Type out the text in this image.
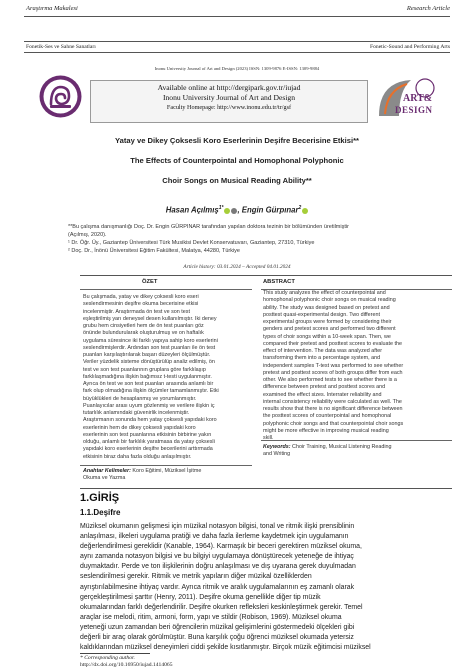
Araştırma Makalesi	Research Article
Fonetik-Ses ve Sahne Sanatları	Fonetic-Sound and Performing Arts
Inonu University Journal of Art and Design (2023) ISSN: 1309-9876 E-ISSN: 1309-9884
Available online at http://dergipark.gov.tr/iujad
Inonu University Journal of Art and Design
Faculty Homepage: http://www.inonu.edu.tr/tr/gsf
ART&
DESIGN
Yatay ve Dikey Çoksesli Koro Eserlerinin Deşifre Becerisine Etkisi**
The Effects of Counterpointal and Homophonal Polyphonic
Choir Songs on Musical Reading Ability**
Hasan Açılmış$^{1*}$ , Engin Gürpınar$^2$
**Bu çalışma danışmanlığı Doç. Dr. Engin GÜRPINAR tarafından yapılan doktora tezinin bir bölümünden üretilmiştir
(Açılmış, 2020).
¹ Dr. Öğr. Üy., Gaziantep Üniversitesi Türk Musikisi Devlet Konservatuvarı, Gaziantep, 27310, Türkiye
² Doç. Dr., İnönü Üniversitesi Eğitim Fakültesi, Malatya, 44280, Türkiye
Article history: 03.01.2024 – Accepted 04.01.2024
ÖZET	ABSTRACT
Bu çalışmada, yatay ve dikey çoksesli koro eseri
seslendirmesinin deşifre okuma becerisine etkisi
incelenmiştir. Araştırmada ön test ve son test
eşleştirilmiş yarı deneysel desen kullanılmıştır. İki deney
grubu hem cinsiyetleri hem de ön test puanları göz
önünde bulundurularak oluşturulmuş ve on haftalık
uygulama süresince iki farklı yapıya sahip koro eserlerini
seslendirmişlerdir. Ardından son test puanları ile ön test
puanları karşılaştırılarak başarı düzeyleri ölçülmüştür.
Veriler yüzdelik sisteme dönüştürülüp analiz edilmiş, ön
test ve son test puanlarının gruplara göre farklılaşıp
farklılaşmadığına ilişkin bağımsız t-testi uygulanmıştır.
Ayrıca ön test ve son test puanları arasında anlamlı bir
fark olup olmadığına ilişkin ölçümler tamamlanmıştır. Etki
büyüklükleri de hesaplanmış ve yorumlanmıştır.
Puanlayıcılar arası uyum gözlenmiş ve verilere ilişkin iç
tutarlılık anlamındaki güvenirlik incelenmiştir.
Araştırmanın sonunda hem yatay çoksesli yapıdaki koro
eserlerinin hem de dikey çoksesli yapıdaki koro
eserlerinin son test puanlarına etkisinin birbirine yakın
olduğu, anlamlı bir farklılık yaratmasa da yatay çoksesli
yapıdaki koro eserlerinin deşifre becerilerini arttırmada
etkisinin biraz daha fazla olduğu anlaşılmıştır.
This study analyzes the effect of counterpointal and
homophonal polyphonic choir songs on musical reading
ability. The study was designed based on pretest and
posttest quasi-experimental design. Two different
experimental groups were formed by considering their
genders and pretest scores and performed two different
types of choir songs within a 10-week span. Then, we
compared their pretest and posttest scores to evaluate the
effect of intervention. The data was analyzed after
transforming them into a percentage system, and
independent samples T-test was performed to see whether
pretest and posttest scores of both groups differ from each
other. We also performed tests to see whether there is a
difference between pretest and posttest scores and
examined the effect sizes. Interrater reliability and
internal consistency reliability were calculated as well. The
results show that there is no significant difference between
the posttest scores of counterpointal and homophonal
polyphonic choir songs and that counterpointal choir songs
might be more effective in improving musical reading
skill.
Anahtar Kelimeler: Koro Eğitimi, Müziksel İşitme
Okuma ve Yazma
Keywords: Choir Training, Musical Listening Reading
and Writing
1.GİRİŞ
1.1.Deşifre
Müziksel okumanın gelişmesi için müzikal notasyon bilgisi, tonal ve ritmik ilişki prensiblinin
anlaşılması, ilkeleri uygulama pratiği ve daha fazla ilerleme kaydetmek için uygulamanın
değerlendirilmesi gereklidir (Kanable, 1964). Karmaşık bir beceri gerektiren müziksel okuma,
aynı zamanda notasyon bilgisi ve bu bilgiyi uygulamaya dönüştürecek yeteneğe de ihtiyaç
duymaktadır. Perde ve ton ilişkilerinin doğru anlaşılması ve dış uyarana gerek duyulmadan
seslendirilmesi gerekir. Ritmik ve metrik yapıların diğer müzikal özelliklerden
ayrıştırılabilmesine ihtiyaç vardır. Ayrıca ritmik ve aralık uygulamalarının eş zamanlı olarak
gerçekleştirilmesi şarttır (Henry, 2011). Deşifre okuma genellikle diğer tip müzik
okumalarından farklı değerlendirilir. Deşifre okurken refleksleri keskinleştirmek gerekir. Temel
araçlar ise melodi, ritim, armoni, form, yapı ve stildir (Robison, 1969). Müziksel okuma
yeteneği uzun zamandan beri öğrencilerin müzikal gelişimlerini göstermedeki ölçekleri gibi
değerli bir araç olarak görülmüştür. Buna karşılık çoğu öğrenci müziksel okumada yetersiz
kaldıklarından müziksel deneyimleri ciddi şekilde kısıtlanmıştır. Birçok müzik eğitimcisi müziksel
* Corresponding author.
http://dx.doi.org/10.16950/iujad.1414065
